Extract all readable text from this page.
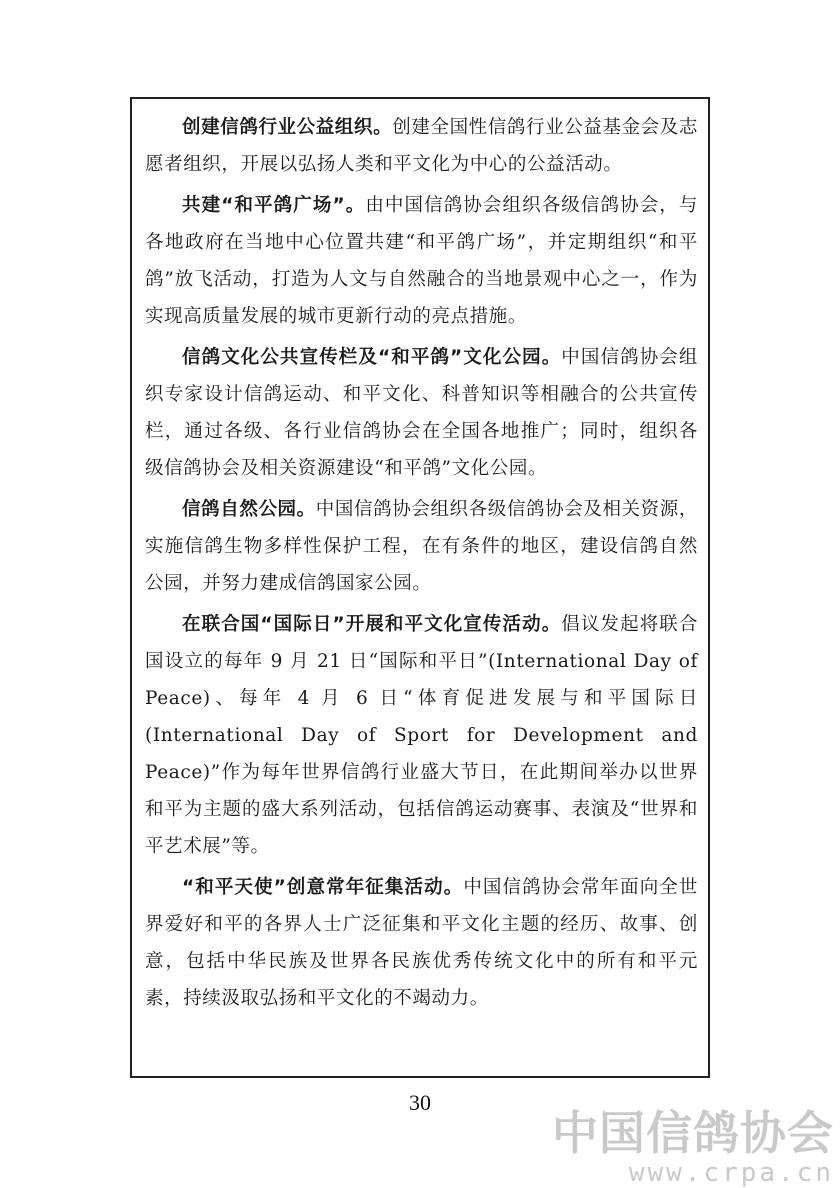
创建信鸽行业公益组织。创建全国性信鸽行业公益基金会及志愿者组织，开展以弘扬人类和平文化为中心的公益活动。

共建“和平鸽广场”。由中国信鸽协会组织各级信鸽协会，与各地政府在当地中心位置共建“和平鸽广场”，并定期组织“和平鸽”放飞活动，打造为人文与自然融合的当地景观中心之一，作为实现高质量发展的城市更新行动的亮点措施。

信鸽文化公共宣传栏及“和平鸽”文化公园。中国信鸽协会组织专家设计信鸽运动、和平文化、科普知识等相融合的公共宣传栏，通过各级、各行业信鸽协会在全国各地推广；同时，组织各级信鸽协会及相关资源建设“和平鸽”文化公园。

信鸽自然公园。中国信鸽协会组织各级信鸽协会及相关资源，实施信鸽生物多样性保护工程，在有条件的地区，建设信鸽自然公园，并努力建成信鸽国家公园。

在联合国“国际日”开展和平文化宣传活动。倡议发起将联合国设立的每年 9 月 21 日“国际和平日”(International Day of Peace)、每年 4 月 6 日“体育促进发展与和平国际日(International Day of Sport for Development and Peace)”作为每年世界信鸽行业盛大节日，在此期间举办以世界和平为主题的盛大系列活动，包括信鸽运动赛事、表演及“世界和平艺术展”等。

“和平天使”创意常年征集活动。中国信鸽协会常年面向全世界爱好和平的各界人士广泛征集和平文化主题的经历、故事、创意，包括中华民族及世界各民族优秀传统文化中的所有和平元素，持续汲取弘扬和平文化的不竭动力。

30
中国信鸽协会
www.crpa.cn
